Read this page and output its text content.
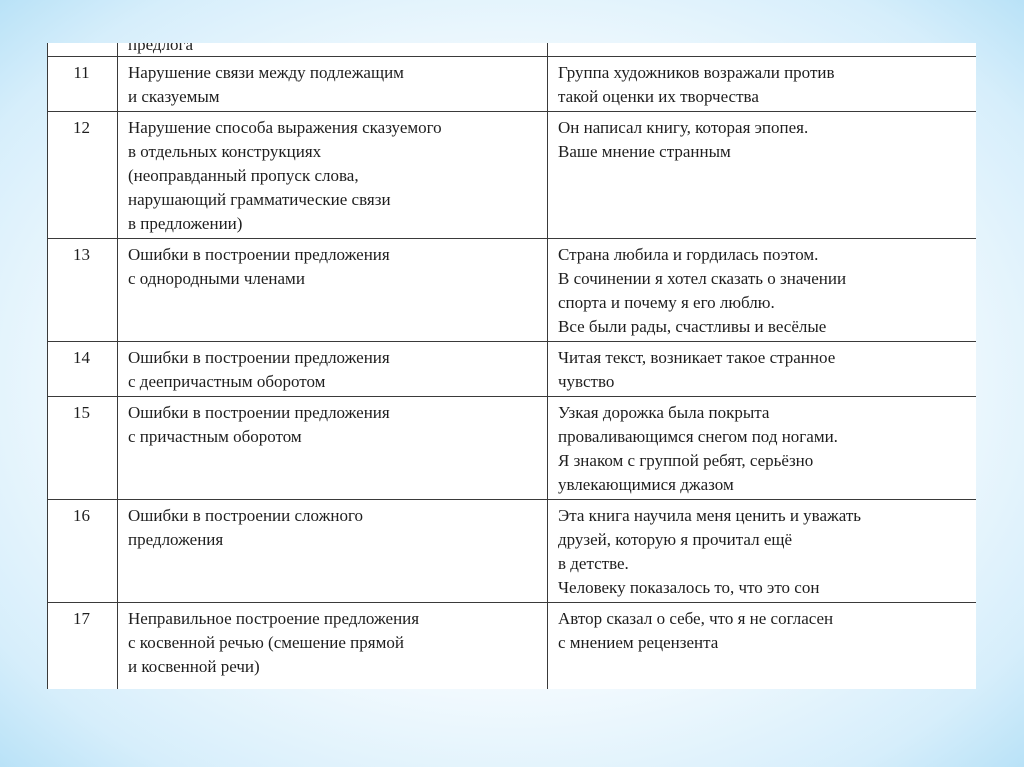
	предлога	

11	Нарушение связи между подлежащим
и сказуемым	Группа художников возражали против
такой оценки их творчества

12	Нарушение способа выражения сказуемого
в отдельных конструкциях
(неоправданный пропуск слова,
нарушающий грамматические связи
в предложении)	Он написал книгу, которая эпопея.
Ваше мнение странным

13	Ошибки в построении предложения
с однородными членами	Страна любила и гордилась поэтом.
В сочинении я хотел сказать о значении
спорта и почему я его люблю.
Все были рады, счастливы и весёлые

14	Ошибки в построении предложения
с деепричастным оборотом	Читая текст, возникает такое странное
чувство

15	Ошибки в построении предложения
с причастным оборотом	Узкая дорожка была покрыта
проваливающимся снегом под ногами.
Я знаком с группой ребят, серьёзно
увлекающимися джазом

16	Ошибки в построении сложного
предложения	Эта книга научила меня ценить и уважать
друзей, которую я прочитал ещё
в детстве.
Человеку показалось то, что это сон

17	Неправильное построение предложения
с косвенной речью (смешение прямой
и косвенной речи)	Автор сказал о себе, что я не согласен
с мнением рецензента
